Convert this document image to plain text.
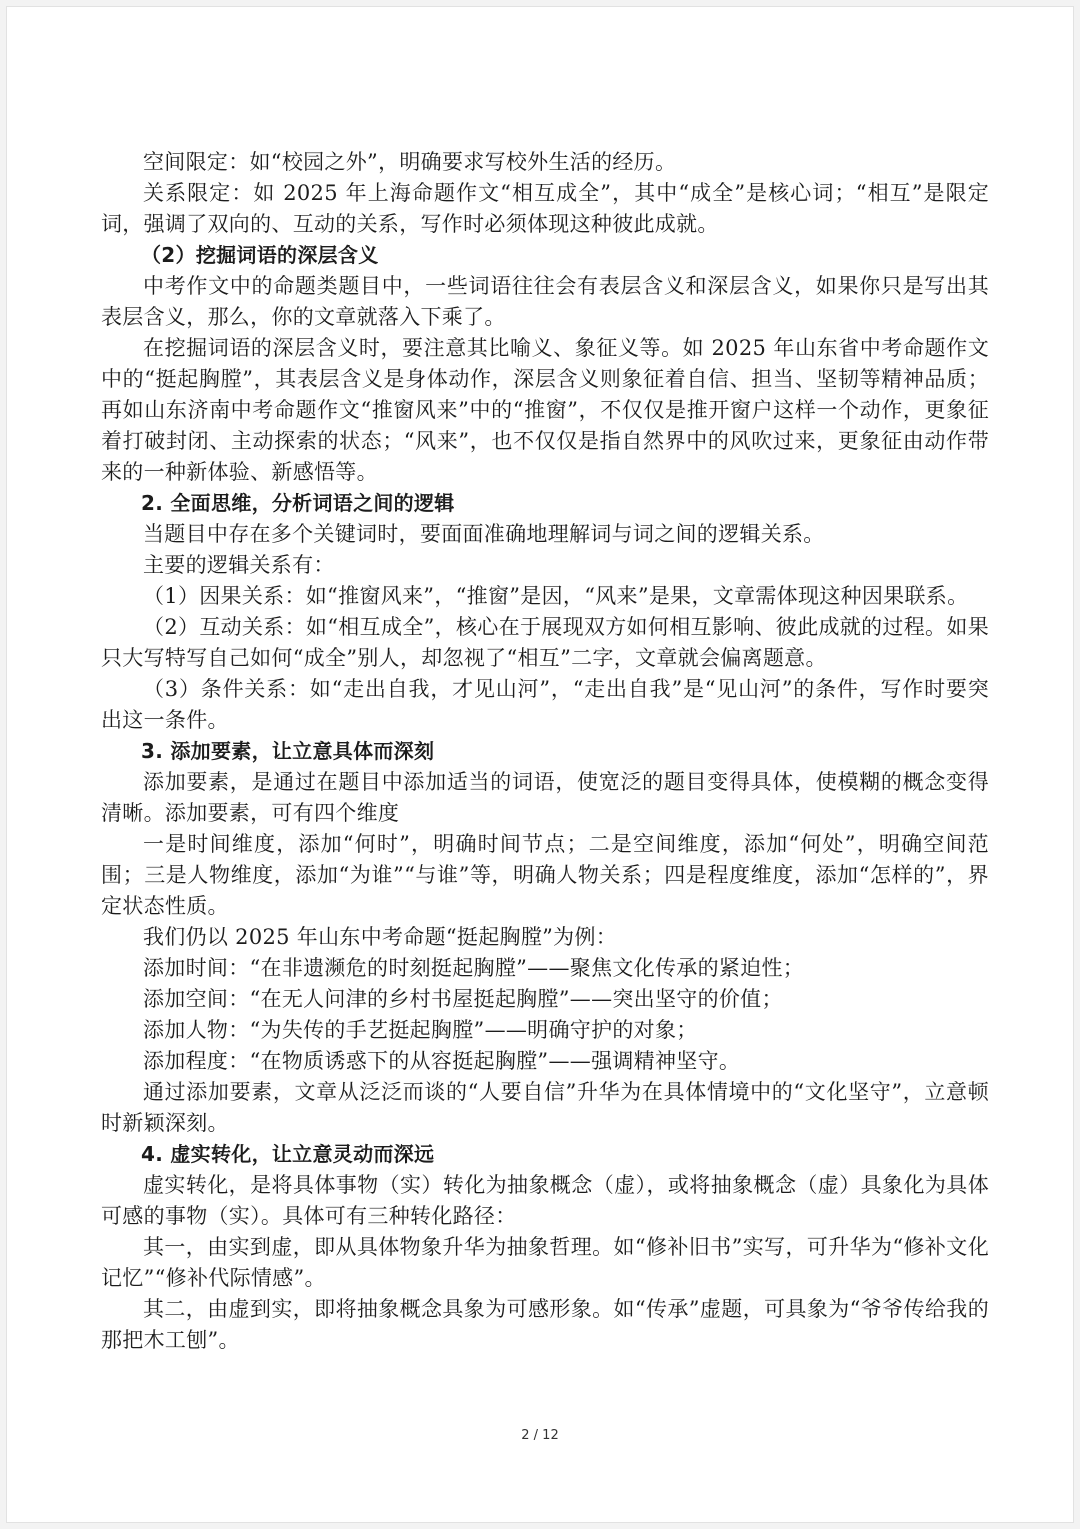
空间限定：如“校园之外”，明确要求写校外生活的经历。

关系限定：如 2025 年上海命题作文“相互成全”，其中“成全”是核心词；“相互”是限定词，强调了双向的、互动的关系，写作时必须体现这种彼此成就。

（2）挖掘词语的深层含义

中考作文中的命题类题目中，一些词语往往会有表层含义和深层含义，如果你只是写出其表层含义，那么，你的文章就落入下乘了。

在挖掘词语的深层含义时，要注意其比喻义、象征义等。如 2025 年山东省中考命题作文中的“挺起胸膛”，其表层含义是身体动作，深层含义则象征着自信、担当、坚韧等精神品质；再如山东济南中考命题作文“推窗风来”中的“推窗”，不仅仅是推开窗户这样一个动作，更象征着打破封闭、主动探索的状态；“风来”，也不仅仅是指自然界中的风吹过来，更象征由动作带来的一种新体验、新感悟等。

2. 全面思维，分析词语之间的逻辑

当题目中存在多个关键词时，要面面准确地理解词与词之间的逻辑关系。

主要的逻辑关系有：

（1）因果关系：如“推窗风来”，“推窗”是因，“风来”是果，文章需体现这种因果联系。

（2）互动关系：如“相互成全”，核心在于展现双方如何相互影响、彼此成就的过程。如果只大写特写自己如何“成全”别人，却忽视了“相互”二字，文章就会偏离题意。

（3）条件关系：如“走出自我，才见山河”，“走出自我”是“见山河”的条件，写作时要突出这一条件。

3. 添加要素，让立意具体而深刻

添加要素，是通过在题目中添加适当的词语，使宽泛的题目变得具体，使模糊的概念变得清晰。添加要素，可有四个维度

一是时间维度，添加“何时”，明确时间节点；二是空间维度，添加“何处”，明确空间范围；三是人物维度，添加“为谁”“与谁”等，明确人物关系；四是程度维度，添加“怎样的”，界定状态性质。

我们仍以 2025 年山东中考命题“挺起胸膛”为例：

添加时间：“在非遗濒危的时刻挺起胸膛”——聚焦文化传承的紧迫性；

添加空间：“在无人问津的乡村书屋挺起胸膛”——突出坚守的价值；

添加人物：“为失传的手艺挺起胸膛”——明确守护的对象；

添加程度：“在物质诱惑下的从容挺起胸膛”——强调精神坚守。

通过添加要素，文章从泛泛而谈的“人要自信”升华为在具体情境中的“文化坚守”，立意顿时新颖深刻。

4. 虚实转化，让立意灵动而深远

虚实转化，是将具体事物（实）转化为抽象概念（虚），或将抽象概念（虚）具象化为具体可感的事物（实）。具体可有三种转化路径：

其一，由实到虚，即从具体物象升华为抽象哲理。如“修补旧书”实写，可升华为“修补文化记忆”“修补代际情感”。

其二，由虚到实，即将抽象概念具象为可感形象。如“传承”虚题，可具象为“爷爷传给我的那把木工刨”。

2 / 12
